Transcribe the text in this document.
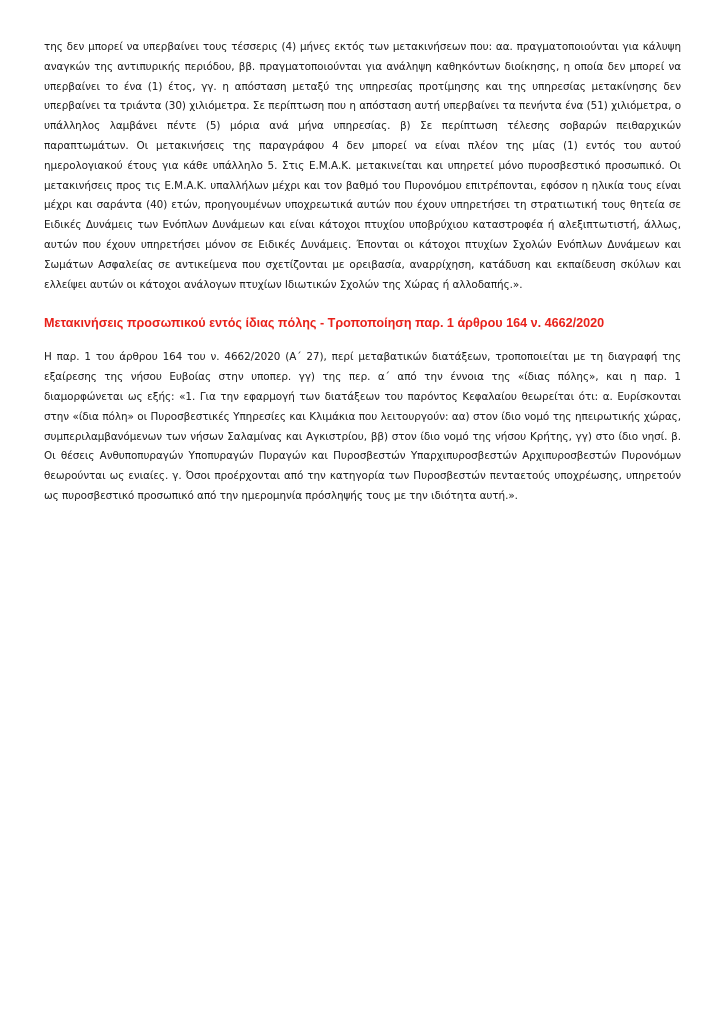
της δεν μπορεί να υπερβαίνει τους τέσσερις (4) μήνες εκτός των μετακινήσεων που: αα. πραγματοποιούνται για κάλυψη αναγκών της αντιπυρικής περιόδου, ββ. πραγματοποιούνται για ανάληψη καθηκόντων διοίκησης, η οποία δεν μπορεί να υπερβαίνει το ένα (1) έτος, γγ. η απόσταση μεταξύ της υπηρεσίας προτίμησης και της υπηρεσίας μετακίνησης δεν υπερβαίνει τα τριάντα (30) χιλιόμετρα. Σε περίπτωση που η απόσταση αυτή υπερβαίνει τα πενήντα ένα (51) χιλιόμετρα, ο υπάλληλος λαμβάνει πέντε (5) μόρια ανά μήνα υπηρεσίας. β) Σε περίπτωση τέλεσης σοβαρών πειθαρχικών παραπτωμάτων. Οι μετακινήσεις της παραγράφου 4 δεν μπορεί να είναι πλέον της μίας (1) εντός του αυτού ημερολογιακού έτους για κάθε υπάλληλο 5. Στις Ε.Μ.Α.Κ. μετακινείται και υπηρετεί μόνο πυροσβεστικό προσωπικό. Οι μετακινήσεις προς τις Ε.Μ.Α.Κ. υπαλλήλων μέχρι και τον βαθμό του Πυρονόμου επιτρέπονται, εφόσον η ηλικία τους είναι μέχρι και σαράντα (40) ετών, προηγουμένων υποχρεωτικά αυτών που έχουν υπηρετήσει τη στρατιωτική τους θητεία σε Ειδικές Δυνάμεις των Ενόπλων Δυνάμεων και είναι κάτοχοι πτυχίου υποβρύχιου καταστροφέα ή αλεξιπτωτιστή, άλλως, αυτών που έχουν υπηρετήσει μόνον σε Ειδικές Δυνάμεις. Έπονται οι κάτοχοι πτυχίων Σχολών Ενόπλων Δυνάμεων και Σωμάτων Ασφαλείας σε αντικείμενα που σχετίζονται με ορειβασία, αναρρίχηση, κατάδυση και εκπαίδευση σκύλων και ελλείψει αυτών οι κάτοχοι ανάλογων πτυχίων Ιδιωτικών Σχολών της Χώρας ή αλλοδαπής.».

Μετακινήσεις προσωπικού εντός ίδιας πόλης - Τροποποίηση παρ. 1 άρθρου 164 ν. 4662/2020

Η παρ. 1 του άρθρου 164 του ν. 4662/2020 (Α΄ 27), περί μεταβατικών διατάξεων, τροποποιείται με τη διαγραφή της εξαίρεσης της νήσου Ευβοίας στην υποπερ. γγ) της περ. α΄ από την έννοια της «ίδιας πόλης», και η παρ. 1 διαμορφώνεται ως εξής: «1. Για την εφαρμογή των διατάξεων του παρόντος Κεφαλαίου θεωρείται ότι: α. Ευρίσκονται στην «ίδια πόλη» οι Πυροσβεστικές Υπηρεσίες και Κλιμάκια που λειτουργούν: αα) στον ίδιο νομό της ηπειρωτικής χώρας, συμπεριλαμβανόμενων των νήσων Σαλαμίνας και Αγκιστρίου, ββ) στον ίδιο νομό της νήσου Κρήτης, γγ) στο ίδιο νησί. β. Οι θέσεις Ανθυποπυραγών Υποπυραγών Πυραγών και Πυροσβεστών Υπαρχιπυροσβεστών Αρχιπυροσβεστών Πυρονόμων θεωρούνται ως ενιαίες. γ. Όσοι προέρχονται από την κατηγορία των Πυροσβεστών πενταετούς υποχρέωσης, υπηρετούν ως πυροσβεστικό προσωπικό από την ημερομηνία πρόσληψής τους με την ιδιότητα αυτή.».
